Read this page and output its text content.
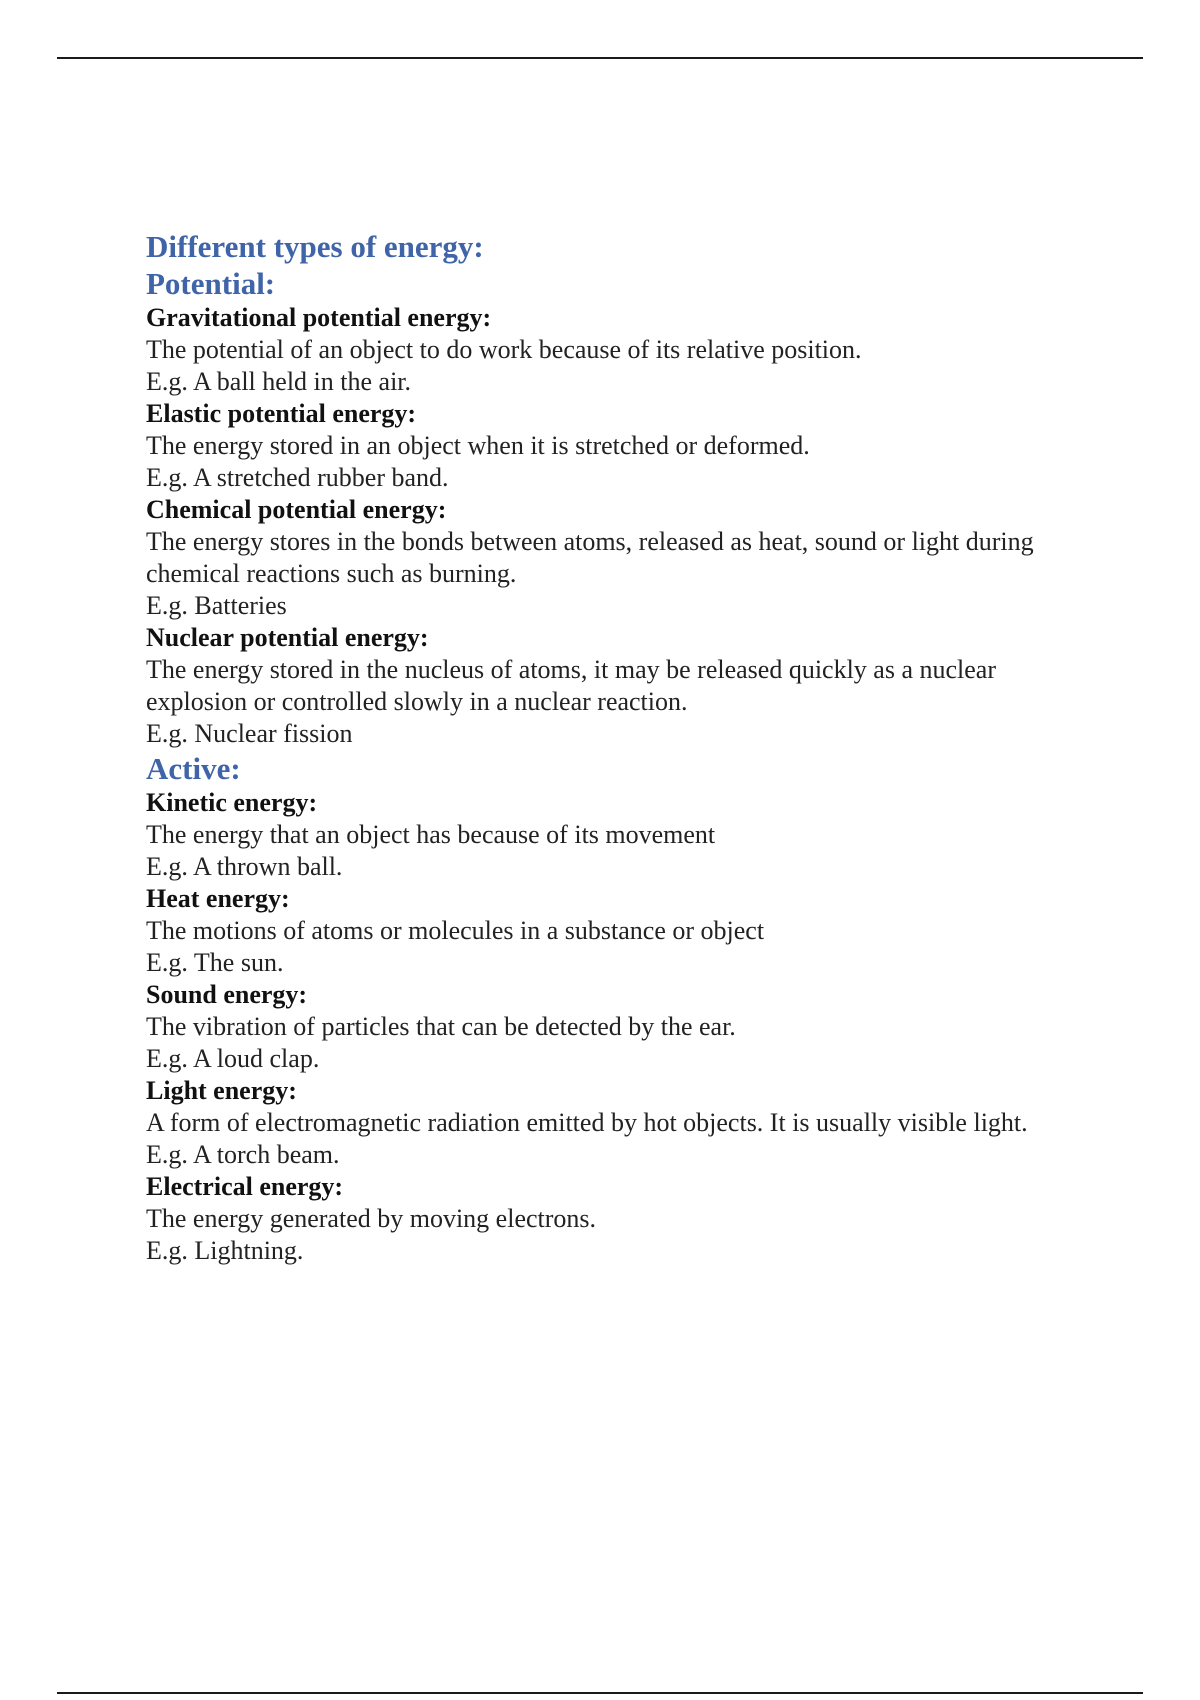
Different types of energy:
Potential:

Gravitational potential energy:

The potential of an object to do work because of its relative position.

E.g. A ball held in the air.

Elastic potential energy:

The energy stored in an object when it is stretched or deformed.

E.g. A stretched rubber band.

Chemical potential energy:

The energy stores in the bonds between atoms, released as heat, sound or light during chemical reactions such as burning.

E.g. Batteries

Nuclear potential energy:

The energy stored in the nucleus of atoms, it may be released quickly as a nuclear explosion or controlled slowly in a nuclear reaction.

E.g. Nuclear fission

Active:

Kinetic energy:

The energy that an object has because of its movement

E.g. A thrown ball.

Heat energy:

The motions of atoms or molecules in a substance or object

E.g. The sun.

Sound energy:

The vibration of particles that can be detected by the ear.

E.g. A loud clap.

Light energy:

A form of electromagnetic radiation emitted by hot objects. It is usually visible light.

E.g. A torch beam.

Electrical energy:

The energy generated by moving electrons.

E.g. Lightning.
